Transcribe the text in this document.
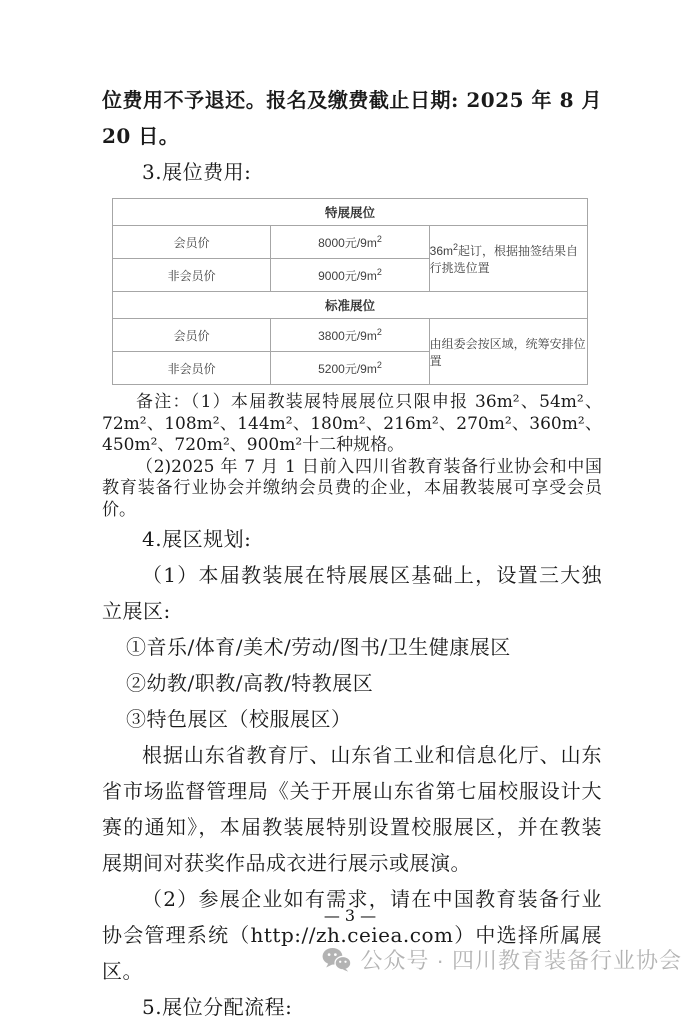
位费用不予退还。报名及缴费截止日期: 2025 年 8 月 20 日。

3.展位费用:

特展展位		
会员价	8000元$/9m^2$	$36m^2$起订，根据抽签结果自行挑选位置
非会员价	9000元$/9m^2$
标准展位		
会员价	3800元$/9m^2$	由组委会按区域，统筹安排位置
非会员价	5200元$/9m^2$

备注：（1）本届教装展特展展位只限申报 36m²、54m²、72m²、108m²、144m²、180m²、216m²、270m²、360m²、450m²、720m²、900m²十二种规格。

（2)2025 年 7 月 1 日前入四川省教育装备行业协会和中国教育装备行业协会并缴纳会员费的企业，本届教装展可享受会员价。

4.展区规划:

（1）本届教装展在特展展区基础上，设置三大独立展区:

①音乐/体育/美术/劳动/图书/卫生健康展区

②幼教/职教/高教/特教展区

③特色展区（校服展区）

根据山东省教育厅、山东省工业和信息化厅、山东省市场监督管理局《关于开展山东省第七届校服设计大赛的通知》，本届教装展特别设置校服展区，并在教装展期间对获奖作品成衣进行展示或展演。

（2）参展企业如有需求，请在中国教育装备行业协会管理系统（http://zh.ceiea.com）中选择所属展区。

5.展位分配流程:

— 3 —
公众号 · 四川教育装备行业协会
